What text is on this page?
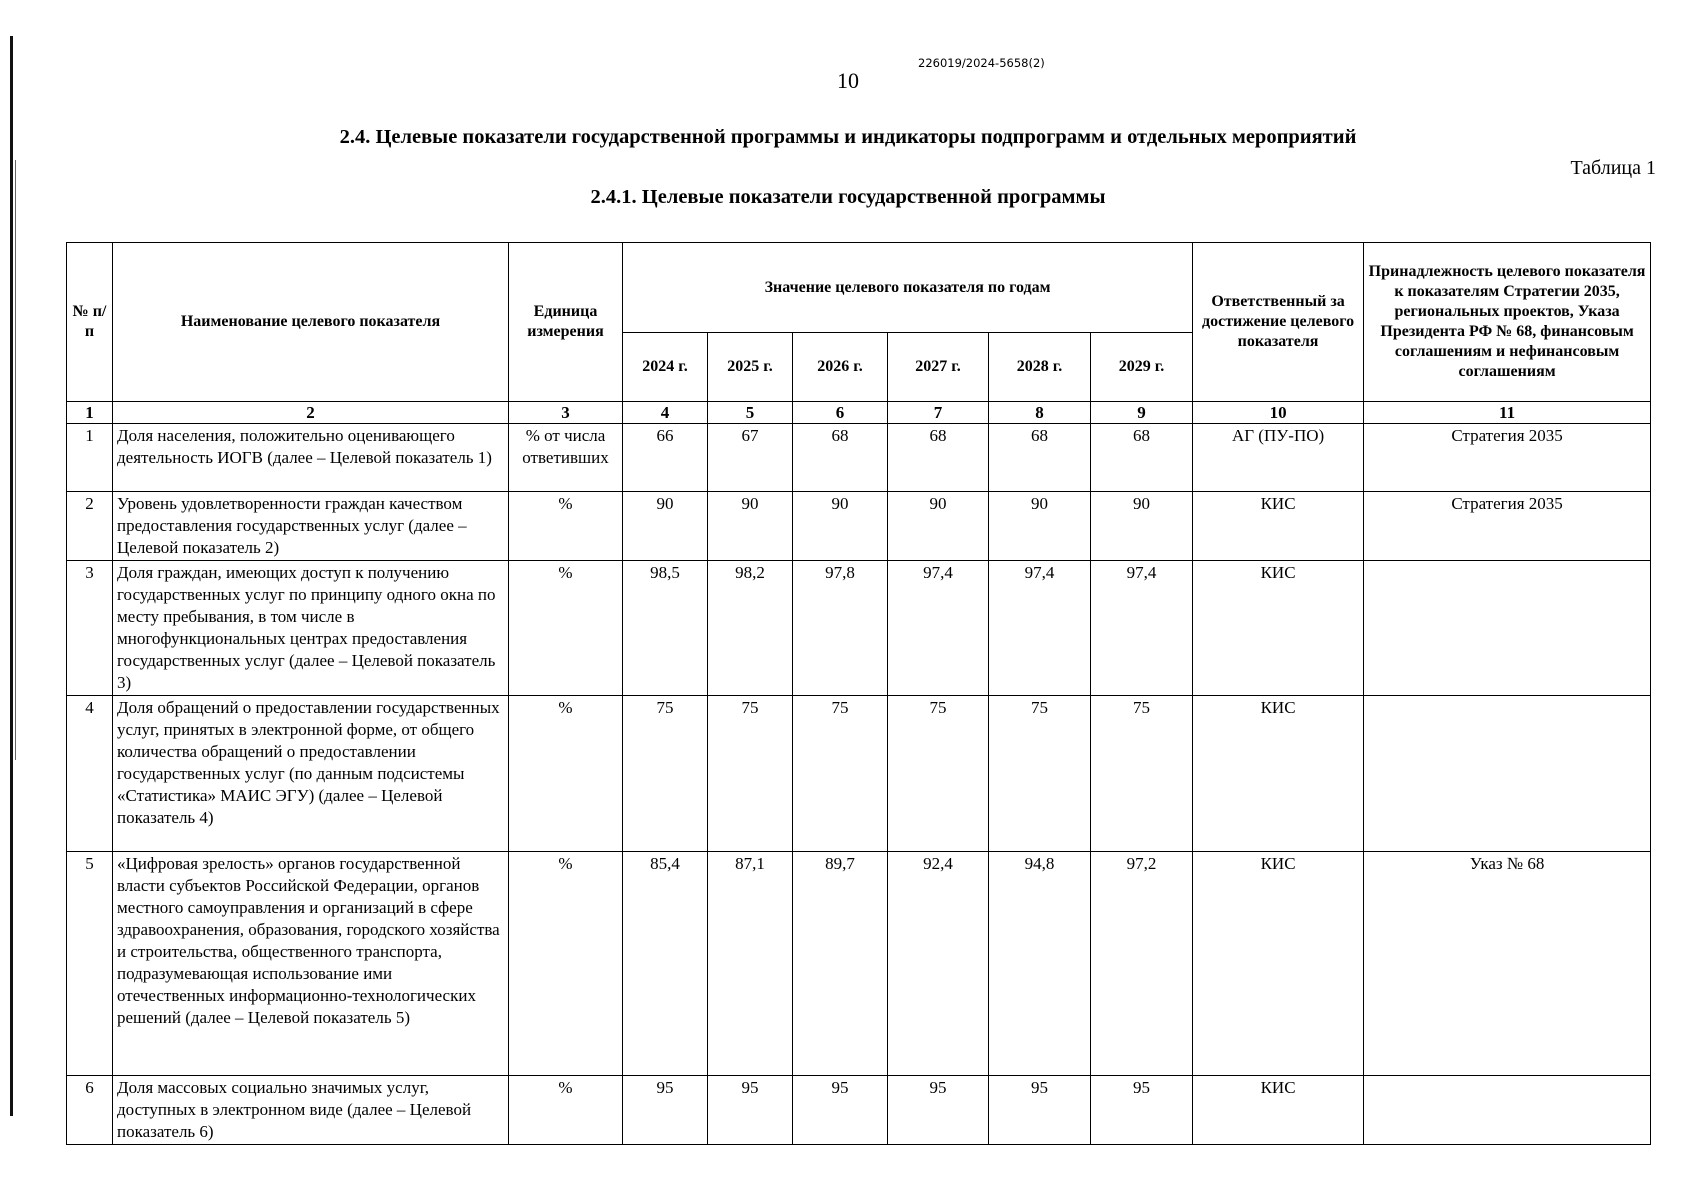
10
226019/2024-5658(2)
2.4. Целевые показатели государственной программы и индикаторы подпрограмм и отдельных мероприятий
Таблица 1
2.4.1. Целевые показатели государственной программы
№ п/п	Наименование целевого показателя	Единица измерения	Значение целевого показателя по годам						Ответственный за достижение целевого показателя	Принадлежность целевого показателя к показателям Стратегии 2035, региональных проектов, Указа Президента РФ № 68, финансовым соглашениям и нефинансовым соглашениям
			2024 г.	2025 г.	2026 г.	2027 г.	2028 г.	2029 г.		
1	2	3	4	5	6	7	8	9	10	11
1	Доля населения, положительно оценивающего деятельность ИОГВ (далее – Целевой показатель 1)	% от числа ответивших	66	67	68	68	68	68	АГ (ПУ-ПО)	Стратегия 2035
2	Уровень удовлетворенности граждан качеством предоставления государственных услуг (далее – Целевой показатель 2)	%	90	90	90	90	90	90	КИС	Стратегия 2035
3	Доля граждан, имеющих доступ к получению государственных услуг по принципу одного окна по месту пребывания, в том числе в многофункциональных центрах предоставления государственных услуг (далее – Целевой показатель 3)	%	98,5	98,2	97,8	97,4	97,4	97,4	КИС	
4	Доля обращений о предоставлении государственных услуг, принятых в электронной форме, от общего количества обращений о предоставлении государственных услуг (по данным подсистемы «Статистика» МАИС ЭГУ) (далее – Целевой показатель 4)	%	75	75	75	75	75	75	КИС	
5	«Цифровая зрелость» органов государственной власти субъектов Российской Федерации, органов местного самоуправления и организаций в сфере здравоохранения, образования, городского хозяйства и строительства, общественного транспорта, подразумевающая использование ими отечественных информационно-технологических решений (далее – Целевой показатель 5)	%	85,4	87,1	89,7	92,4	94,8	97,2	КИС	Указ № 68
6	Доля массовых социально значимых услуг, доступных в электронном виде (далее – Целевой показатель 6)	%	95	95	95	95	95	95	КИС	
